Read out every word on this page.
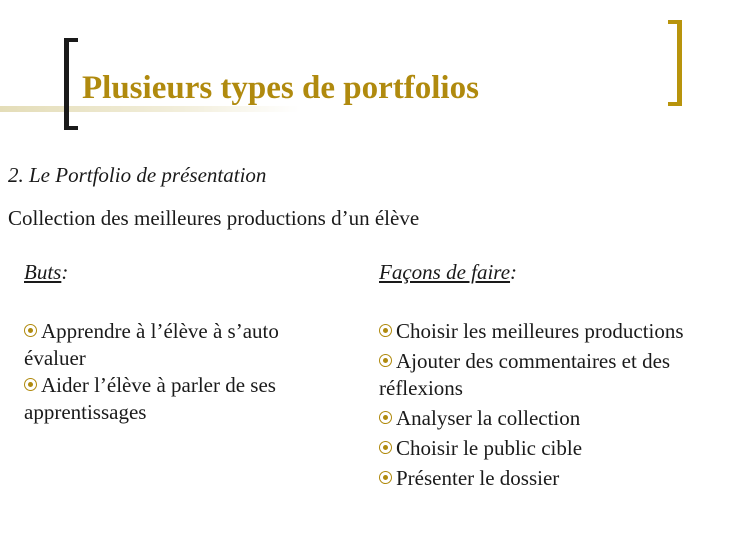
Plusieurs types de portfolios
2. Le Portfolio de présentation
Collection des meilleures productions d’un élève
Buts:	Façons de faire:

Apprendre à l’élève à s’auto évaluer

Aider l’élève à parler de ses apprentissages

Choisir les meilleures productions

Ajouter des commentaires et des réflexions

Analyser la collection

Choisir le public cible

Présenter le dossier
